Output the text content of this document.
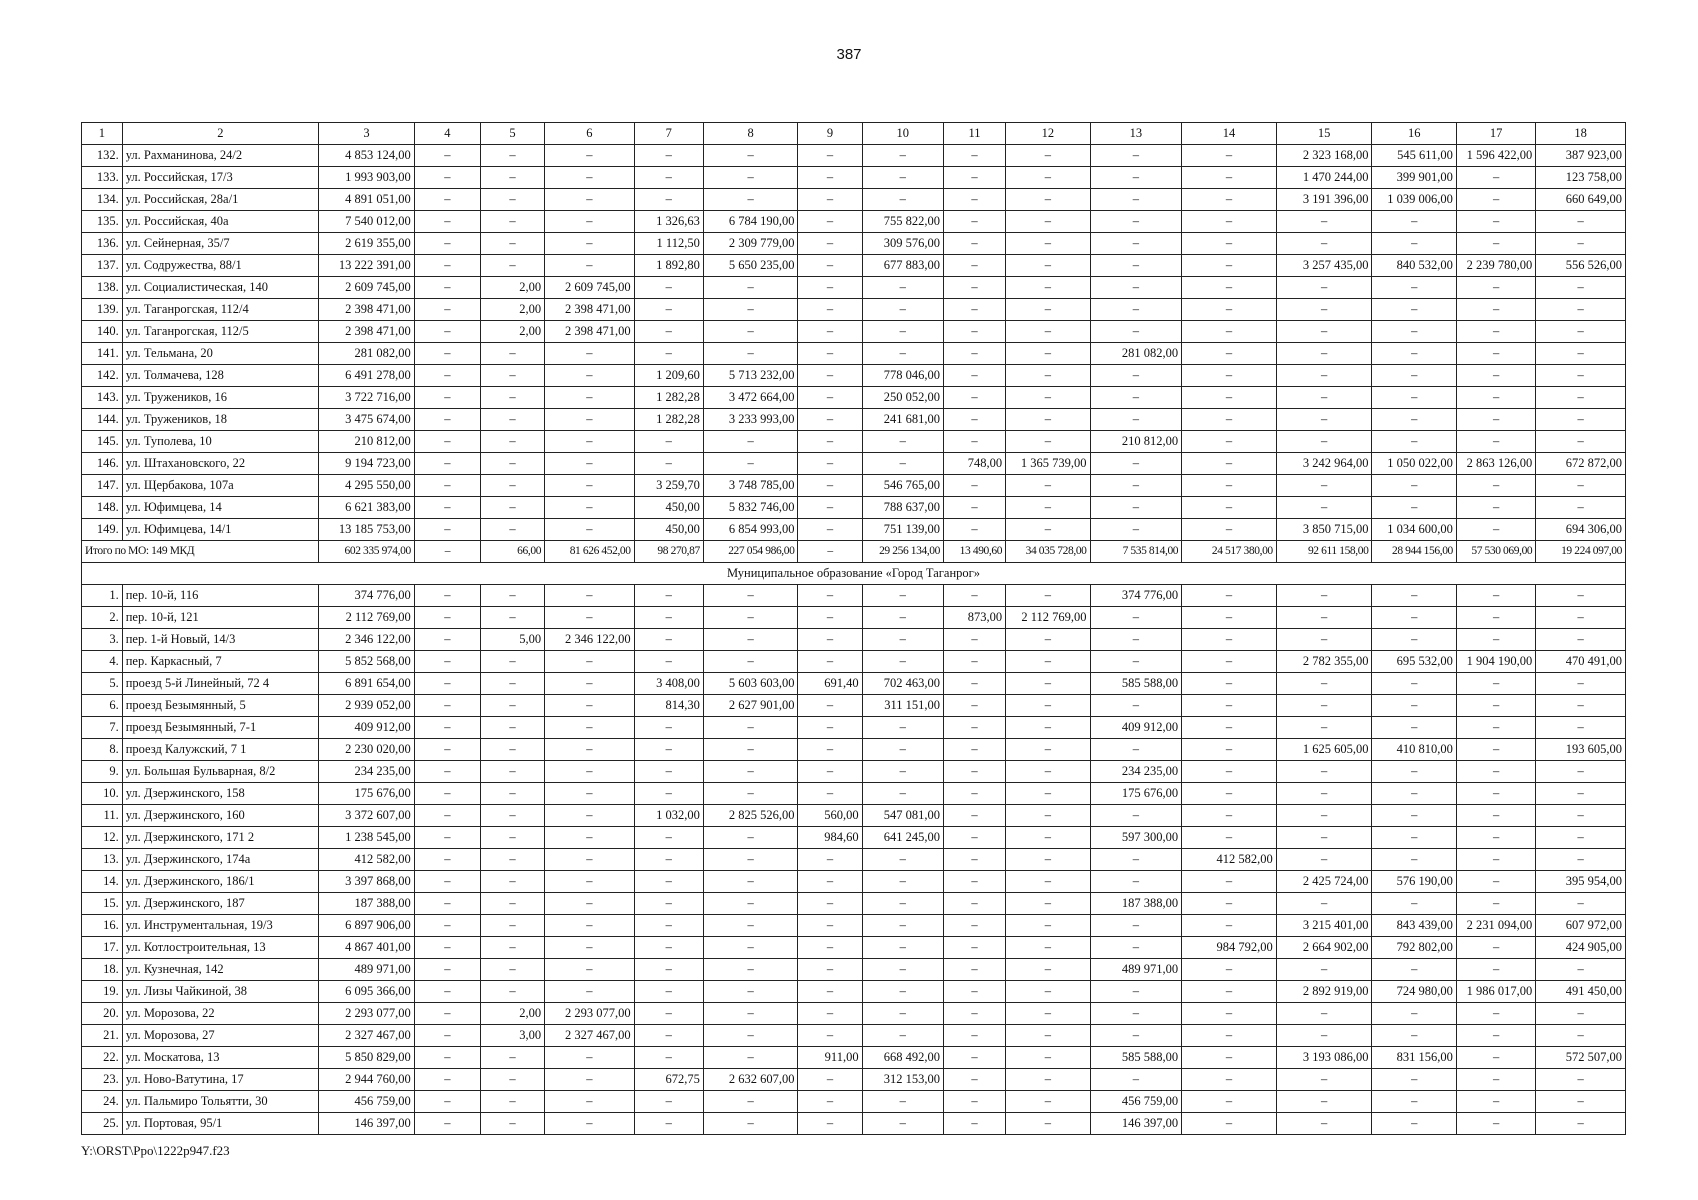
387
1	2	3	4	5	6	7	8	9	10	11	12	13	14	15	16	17	18
132.	ул. Рахманинова, 24/2	4 853 124,00	–	–	–	–	–	–	–	–	–	–	–	2 323 168,00	545 611,00	1 596 422,00	387 923,00
133.	ул. Российская, 17/3	1 993 903,00	–	–	–	–	–	–	–	–	–	–	–	1 470 244,00	399 901,00	–	123 758,00
134.	ул. Российская, 28а/1	4 891 051,00	–	–	–	–	–	–	–	–	–	–	–	3 191 396,00	1 039 006,00	–	660 649,00
135.	ул. Российская, 40а	7 540 012,00	–	–	–	1 326,63	6 784 190,00	–	755 822,00	–	–	–	–	–	–	–	–
136.	ул. Сейнерная, 35/7	2 619 355,00	–	–	–	1 112,50	2 309 779,00	–	309 576,00	–	–	–	–	–	–	–	–
137.	ул. Содружества, 88/1	13 222 391,00	–	–	–	1 892,80	5 650 235,00	–	677 883,00	–	–	–	–	3 257 435,00	840 532,00	2 239 780,00	556 526,00
138.	ул. Социалистическая, 140	2 609 745,00	–	2,00	2 609 745,00	–	–	–	–	–	–	–	–	–	–	–	–
139.	ул. Таганрогская, 112/4	2 398 471,00	–	2,00	2 398 471,00	–	–	–	–	–	–	–	–	–	–	–	–
140.	ул. Таганрогская, 112/5	2 398 471,00	–	2,00	2 398 471,00	–	–	–	–	–	–	–	–	–	–	–	–
141.	ул. Тельмана, 20	281 082,00	–	–	–	–	–	–	–	–	–	281 082,00	–	–	–	–	–
142.	ул. Толмачева, 128	6 491 278,00	–	–	–	1 209,60	5 713 232,00	–	778 046,00	–	–	–	–	–	–	–	–
143.	ул. Тружеников, 16	3 722 716,00	–	–	–	1 282,28	3 472 664,00	–	250 052,00	–	–	–	–	–	–	–	–
144.	ул. Тружеников, 18	3 475 674,00	–	–	–	1 282,28	3 233 993,00	–	241 681,00	–	–	–	–	–	–	–	–
145.	ул. Туполева, 10	210 812,00	–	–	–	–	–	–	–	–	–	210 812,00	–	–	–	–	–
146.	ул. Штахановского, 22	9 194 723,00	–	–	–	–	–	–	–	748,00	1 365 739,00	–	–	3 242 964,00	1 050 022,00	2 863 126,00	672 872,00
147.	ул. Щербакова, 107а	4 295 550,00	–	–	–	3 259,70	3 748 785,00	–	546 765,00	–	–	–	–	–	–	–	–
148.	ул. Юфимцева, 14	6 621 383,00	–	–	–	450,00	5 832 746,00	–	788 637,00	–	–	–	–	–	–	–	–
149.	ул. Юфимцева, 14/1	13 185 753,00	–	–	–	450,00	6 854 993,00	–	751 139,00	–	–	–	–	3 850 715,00	1 034 600,00	–	694 306,00
Итого по МО: 149 МКД		602 335 974,00	–	66,00	81 626 452,00	98 270,87	227 054 986,00	–	29 256 134,00	13 490,60	34 035 728,00	7 535 814,00	24 517 380,00	92 611 158,00	28 944 156,00	57 530 069,00	19 224 097,00
Муниципальное образование «Город Таганрог»																	
1.	пер. 10-й, 116	374 776,00	–	–	–	–	–	–	–	–	–	374 776,00	–	–	–	–	–
2.	пер. 10-й, 121	2 112 769,00	–	–	–	–	–	–	–	873,00	2 112 769,00	–	–	–	–	–	–
3.	пер. 1-й Новый, 14/3	2 346 122,00	–	5,00	2 346 122,00	–	–	–	–	–	–	–	–	–	–	–	–
4.	пер. Каркасный, 7	5 852 568,00	–	–	–	–	–	–	–	–	–	–	–	2 782 355,00	695 532,00	1 904 190,00	470 491,00
5.	проезд 5-й Линейный, 72 4	6 891 654,00	–	–	–	3 408,00	5 603 603,00	691,40	702 463,00	–	–	585 588,00	–	–	–	–	–
6.	проезд Безымянный, 5	2 939 052,00	–	–	–	814,30	2 627 901,00	–	311 151,00	–	–	–	–	–	–	–	–
7.	проезд Безымянный, 7-1	409 912,00	–	–	–	–	–	–	–	–	–	409 912,00	–	–	–	–	–
8.	проезд Калужский, 7 1	2 230 020,00	–	–	–	–	–	–	–	–	–	–	–	1 625 605,00	410 810,00	–	193 605,00
9.	ул. Большая Бульварная, 8/2	234 235,00	–	–	–	–	–	–	–	–	–	234 235,00	–	–	–	–	–
10.	ул. Дзержинского, 158	175 676,00	–	–	–	–	–	–	–	–	–	175 676,00	–	–	–	–	–
11.	ул. Дзержинского, 160	3 372 607,00	–	–	–	1 032,00	2 825 526,00	560,00	547 081,00	–	–	–	–	–	–	–	–
12.	ул. Дзержинского, 171 2	1 238 545,00	–	–	–	–	–	984,60	641 245,00	–	–	597 300,00	–	–	–	–	–
13.	ул. Дзержинского, 174а	412 582,00	–	–	–	–	–	–	–	–	–	–	412 582,00	–	–	–	–
14.	ул. Дзержинского, 186/1	3 397 868,00	–	–	–	–	–	–	–	–	–	–	–	2 425 724,00	576 190,00	–	395 954,00
15.	ул. Дзержинского, 187	187 388,00	–	–	–	–	–	–	–	–	–	187 388,00	–	–	–	–	–
16.	ул. Инструментальная, 19/3	6 897 906,00	–	–	–	–	–	–	–	–	–	–	–	3 215 401,00	843 439,00	2 231 094,00	607 972,00
17.	ул. Котлостроительная, 13	4 867 401,00	–	–	–	–	–	–	–	–	–	–	984 792,00	2 664 902,00	792 802,00	–	424 905,00
18.	ул. Кузнечная, 142	489 971,00	–	–	–	–	–	–	–	–	–	489 971,00	–	–	–	–	–
19.	ул. Лизы Чайкиной, 38	6 095 366,00	–	–	–	–	–	–	–	–	–	–	–	2 892 919,00	724 980,00	1 986 017,00	491 450,00
20.	ул. Морозова, 22	2 293 077,00	–	2,00	2 293 077,00	–	–	–	–	–	–	–	–	–	–	–	–
21.	ул. Морозова, 27	2 327 467,00	–	3,00	2 327 467,00	–	–	–	–	–	–	–	–	–	–	–	–
22.	ул. Москатова, 13	5 850 829,00	–	–	–	–	–	911,00	668 492,00	–	–	585 588,00	–	3 193 086,00	831 156,00	–	572 507,00
23.	ул. Ново-Ватутина, 17	2 944 760,00	–	–	–	672,75	2 632 607,00	–	312 153,00	–	–	–	–	–	–	–	–
24.	ул. Пальмиро Тольятти, 30	456 759,00	–	–	–	–	–	–	–	–	–	456 759,00	–	–	–	–	–
25.	ул. Портовая, 95/1	146 397,00	–	–	–	–	–	–	–	–	–	146 397,00	–	–	–	–	–
Y:\ORST\Ppo\1222p947.f23
